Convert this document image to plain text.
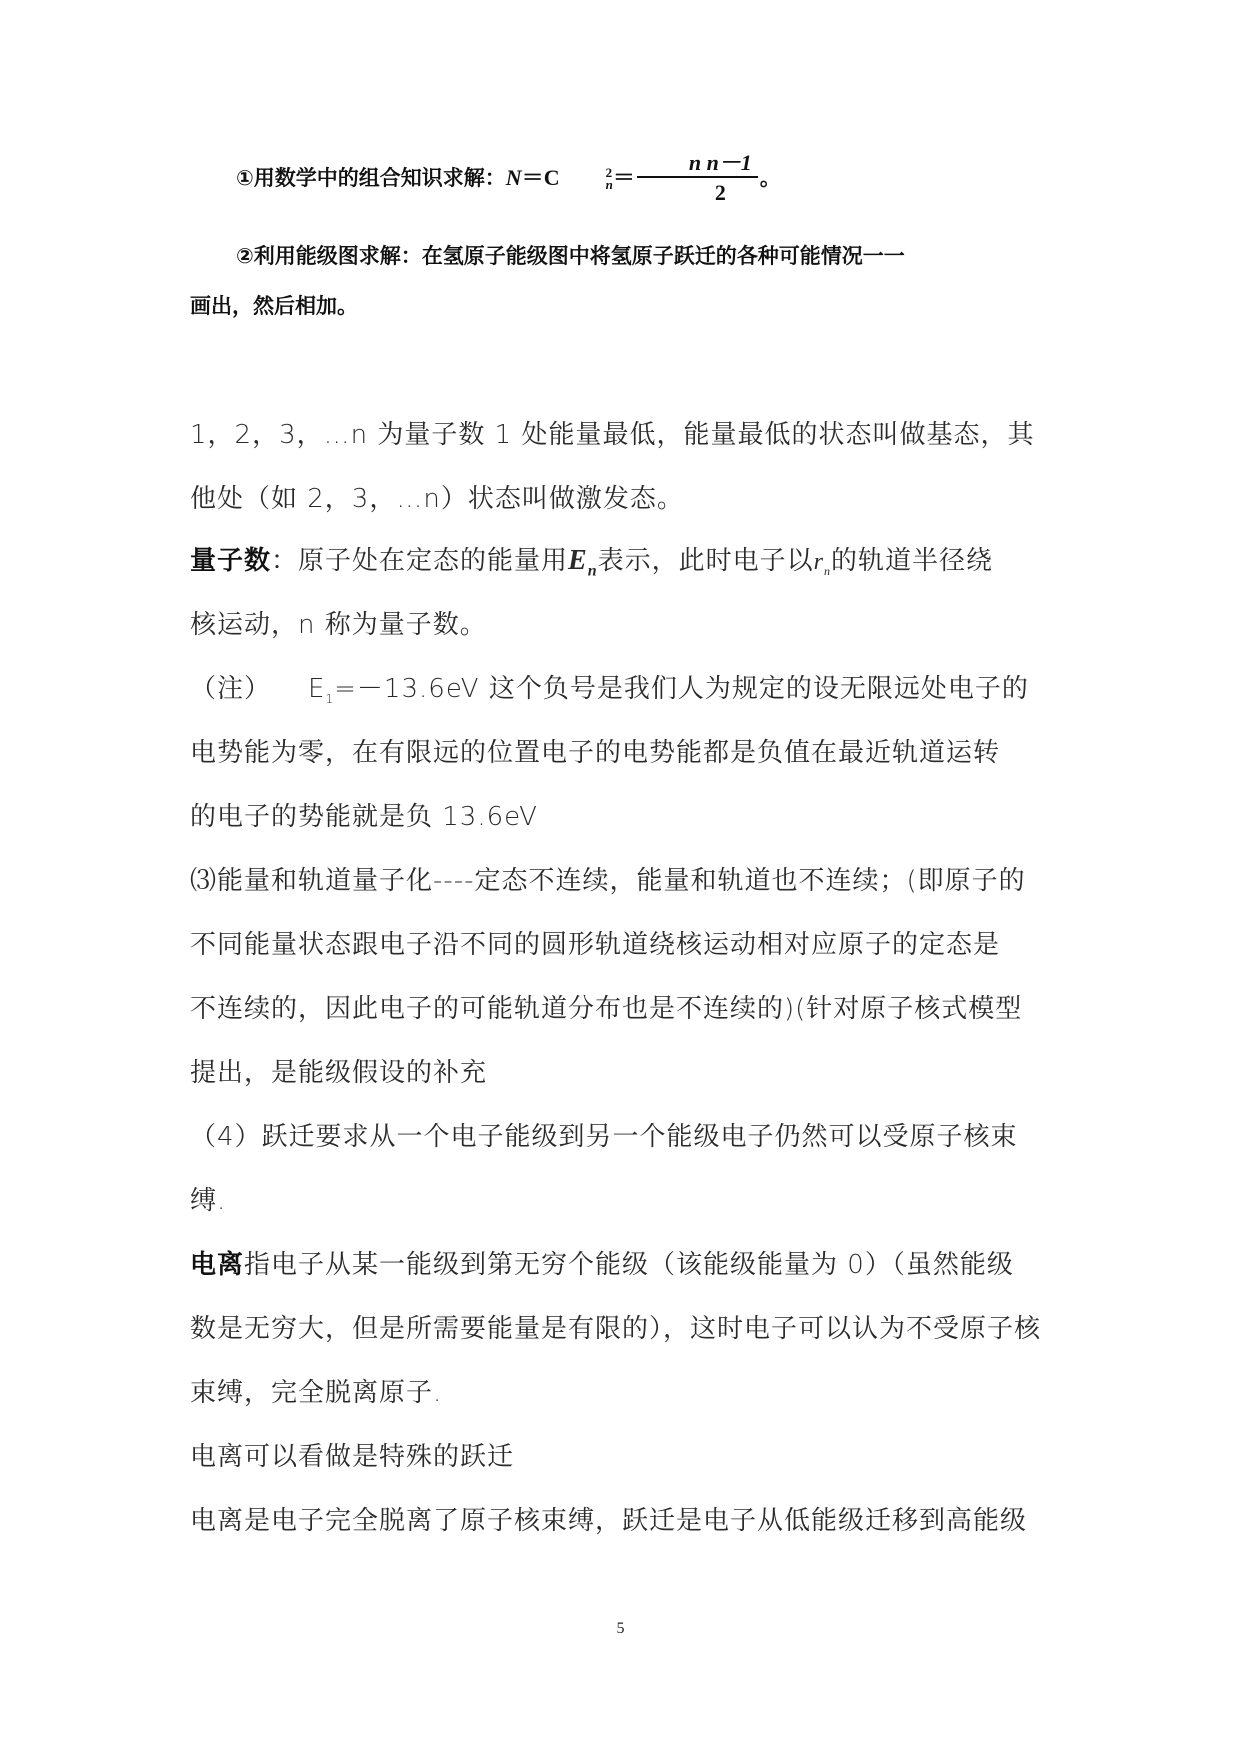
①用数学中的组合知识求解：N＝C	2
$n = \frac{\text{n n－1}}{2}$ 。
②利用能级图求解：在氢原子能级图中将氢原子跃迁的各种可能情况一一
画出，然后相加。
1，2，3，…n 为量子数 1 处能量最低，能量最低的状态叫做基态，其
他处（如 2，3，…n）状态叫做激发态。
量子数：原子处在定态的能量用$E_n$表示，此时电子以$r_n$的轨道半径绕
核运动，n 称为量子数。
（注）    $E_1=-13.6eV$ 这个负号是我们人为规定的设无限远处电子的
电势能为零，在有限远的位置电子的电势能都是负值在最近轨道运转
的电子的势能就是负 13.6eV
⑶能量和轨道量子化----定态不连续，能量和轨道也不连续；(即原子的
不同能量状态跟电子沿不同的圆形轨道绕核运动相对应原子的定态是
不连续的，因此电子的可能轨道分布也是不连续的)(针对原子核式模型
提出，是能级假设的补充
（4）跃迁要求从一个电子能级到另一个能级电子仍然可以受原子核束
缚.
电离指电子从某一能级到第无穷个能级（该能级能量为 0）（虽然能级
数是无穷大，但是所需要能量是有限的），这时电子可以认为不受原子核
束缚，完全脱离原子.
电离可以看做是特殊的跃迁
电离是电子完全脱离了原子核束缚，跃迁是电子从低能级迁移到高能级
5
